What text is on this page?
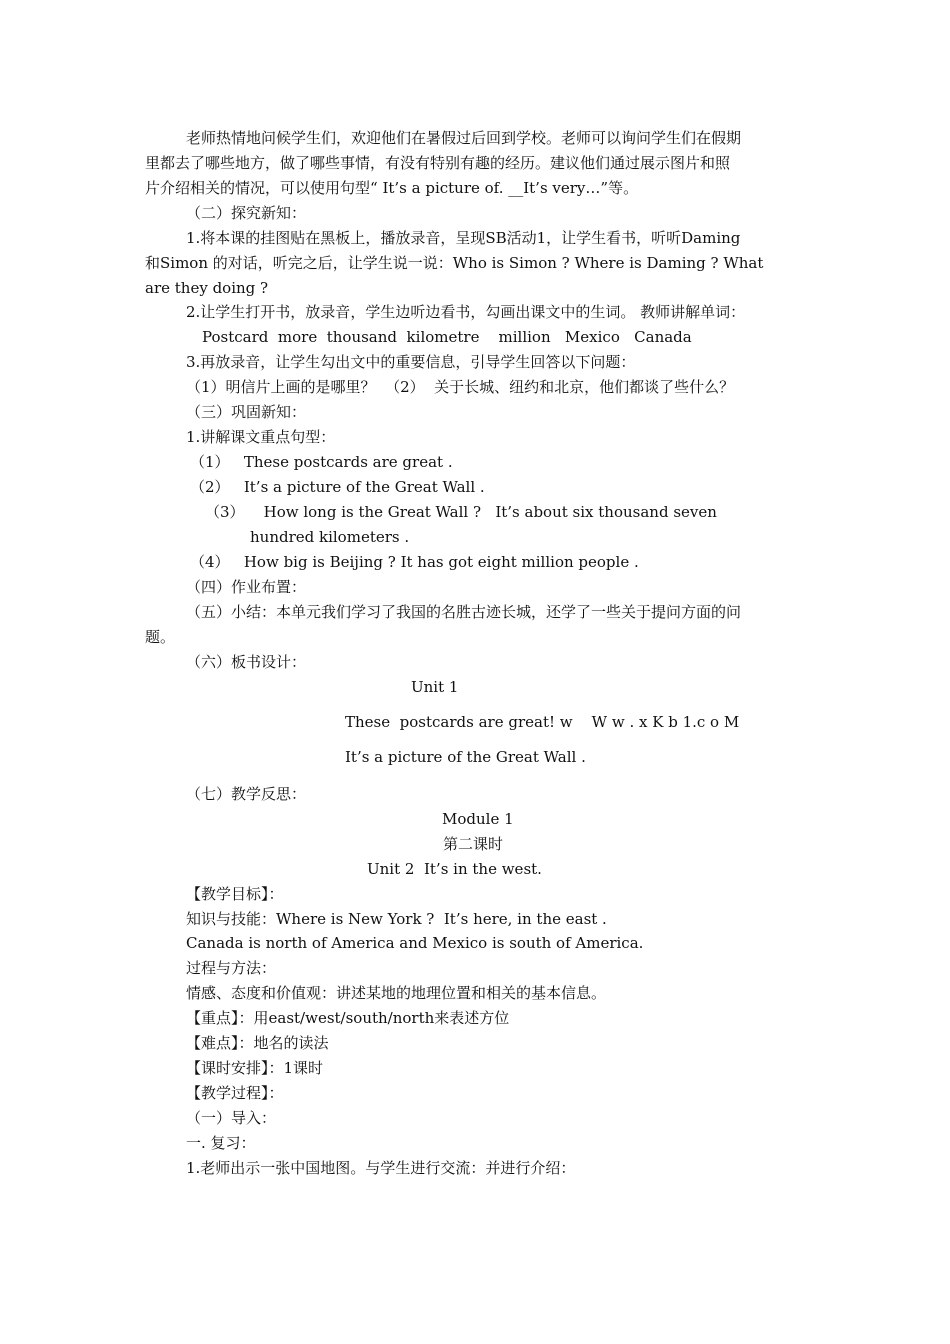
老师热情地问候学生们，欢迎他们在暑假过后回到学校。老师可以询问学生们在假期
里都去了哪些地方，做了哪些事情，有没有特别有趣的经历。建议他们通过展示图片和照
片介绍相关的情况，可以使用句型“ It’s a picture of. __It’s very…”等。
（二）探究新知：
1.将本课的挂图贴在黑板上，播放录音，呈现SB活动1，让学生看书，听听Daming
和Simon 的对话，听完之后，让学生说一说：Who is Simon ? Where is Daming ? What
are they doing ?
2.让学生打开书，放录音，学生边听边看书，勾画出课文中的生词。 教师讲解单词：
Postcard  more  thousand  kilometre    million   Mexico   Canada
3.再放录音，让学生勾出文中的重要信息，引导学生回答以下问题：
（1）明信片上画的是哪里？  （2）  关于长城、纽约和北京，他们都谈了些什么？
（三）巩固新知：
1.讲解课文重点句型：
（1）   These postcards are great .
（2）   It’s a picture of the Great Wall .
（3）    How long is the Great Wall ?   It’s about six thousand seven
hundred kilometers .
（4）   How big is Beijing ? It has got eight million people .
（四）作业布置：
（五）小结：本单元我们学习了我国的名胜古迹长城，还学了一些关于提问方面的问
题。
（六）板书设计：
Unit 1
These  postcards are great! w    W w . x K b 1.c o M
It’s a picture of the Great Wall .
（七）教学反思：
Module 1
第二课时
Unit 2  It’s in the west.
【教学目标】：
知识与技能：Where is New York ?  It’s here, in the east .
Canada is north of America and Mexico is south of America.
过程与方法：
情感、态度和价值观：讲述某地的地理位置和相关的基本信息。
【重点】：用east/west/south/north来表述方位
【难点】：地名的读法
【课时安排】：1课时
【教学过程】：
（一）导入：
一. 复习：
1.老师出示一张中国地图。与学生进行交流：并进行介绍：
